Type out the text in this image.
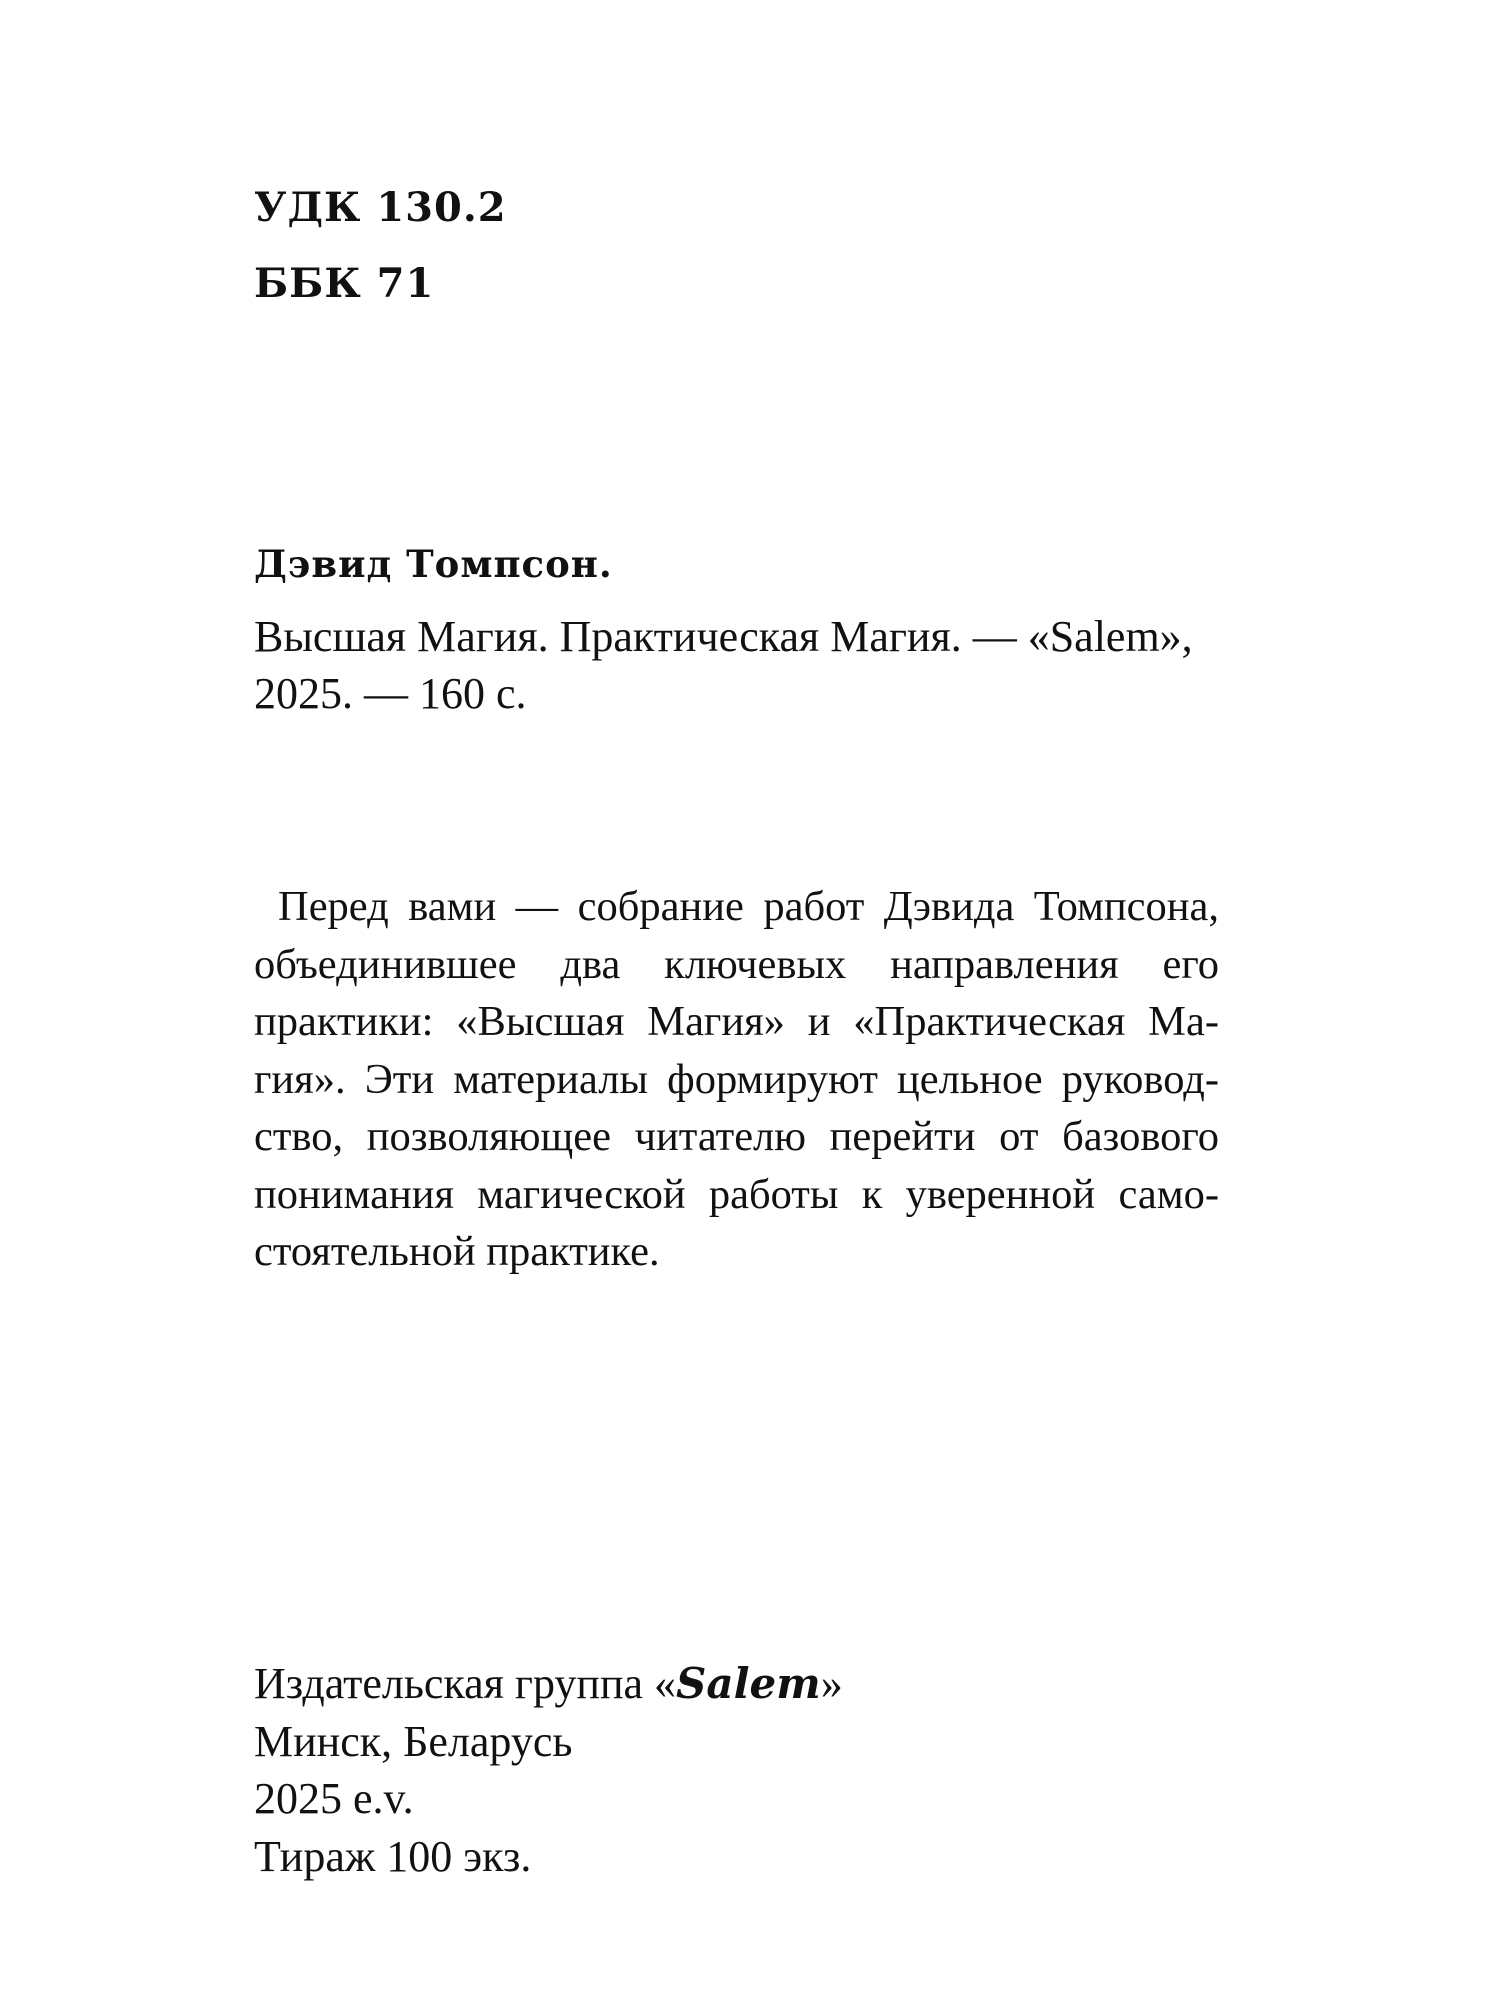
УДК 130.2
ББК 71
Дэвид Томпсон.
Высшая Магия. Практическая Магия. — «Salem»,
2025. — 160 с.
Перед вами — собрание работ Дэвида Томпсона,
объединившее два ключевых направления его
практики: «Высшая Магия» и «Практическая Ма-
гия». Эти материалы формируют цельное руковод-
ство, позволяющее читателю перейти от базового
понимания магической работы к уверенной само-
стоятельной практике.
Издательская группа «Salem»
Минск, Беларусь
2025 e.v.
Тираж 100 экз.
